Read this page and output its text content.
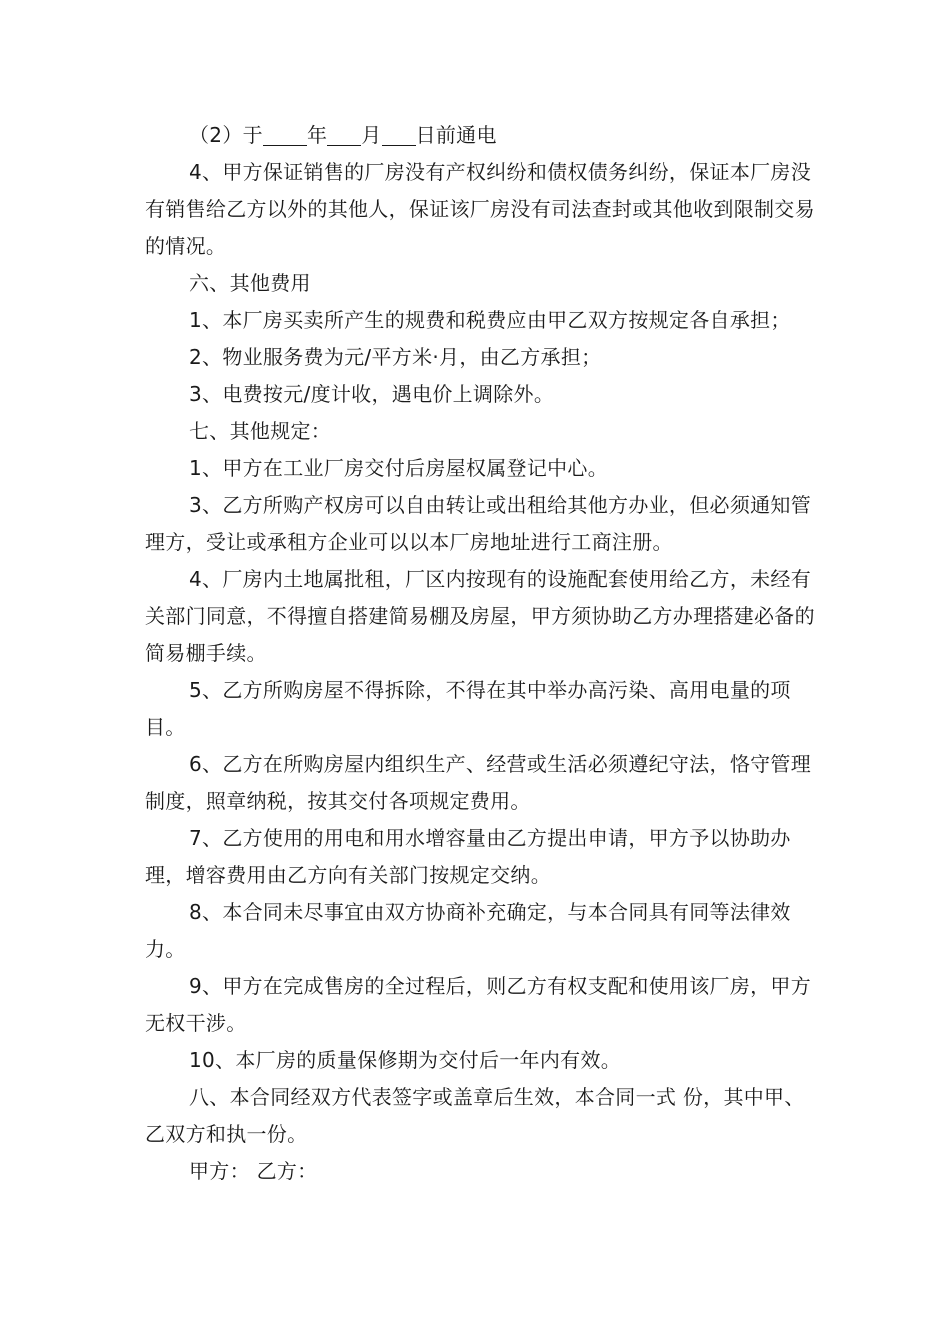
（2）于 年 月 日前通电

4、甲方保证销售的厂房没有产权纠纷和债权债务纠纷，保证本厂房没有销售给乙方以外的其他人，保证该厂房没有司法查封或其他收到限制交易的情况。

六、其他费用

1、本厂房买卖所产生的规费和税费应由甲乙双方按规定各自承担；

2、物业服务费为元/平方米·月，由乙方承担；

3、电费按元/度计收，遇电价上调除外。

七、其他规定：

1、甲方在工业厂房交付后房屋权属登记中心。

3、乙方所购产权房可以自由转让或出租给其他方办业，但必须通知管理方，受让或承租方企业可以以本厂房地址进行工商注册。

4、厂房内土地属批租，厂区内按现有的设施配套使用给乙方，未经有关部门同意，不得擅自搭建简易棚及房屋，甲方须协助乙方办理搭建必备的简易棚手续。

5、乙方所购房屋不得拆除，不得在其中举办高污染、高用电量的项目。

6、乙方在所购房屋内组织生产、经营或生活必须遵纪守法，恪守管理制度，照章纳税，按其交付各项规定费用。

7、乙方使用的用电和用水增容量由乙方提出申请，甲方予以协助办理，增容费用由乙方向有关部门按规定交纳。

8、本合同未尽事宜由双方协商补充确定，与本合同具有同等法律效力。

9、甲方在完成售房的全过程后，则乙方有权支配和使用该厂房，甲方无权干涉。

10、本厂房的质量保修期为交付后一年内有效。

八、本合同经双方代表签字或盖章后生效，本合同一式 份，其中甲、乙双方和执一份。

甲方： 乙方：
